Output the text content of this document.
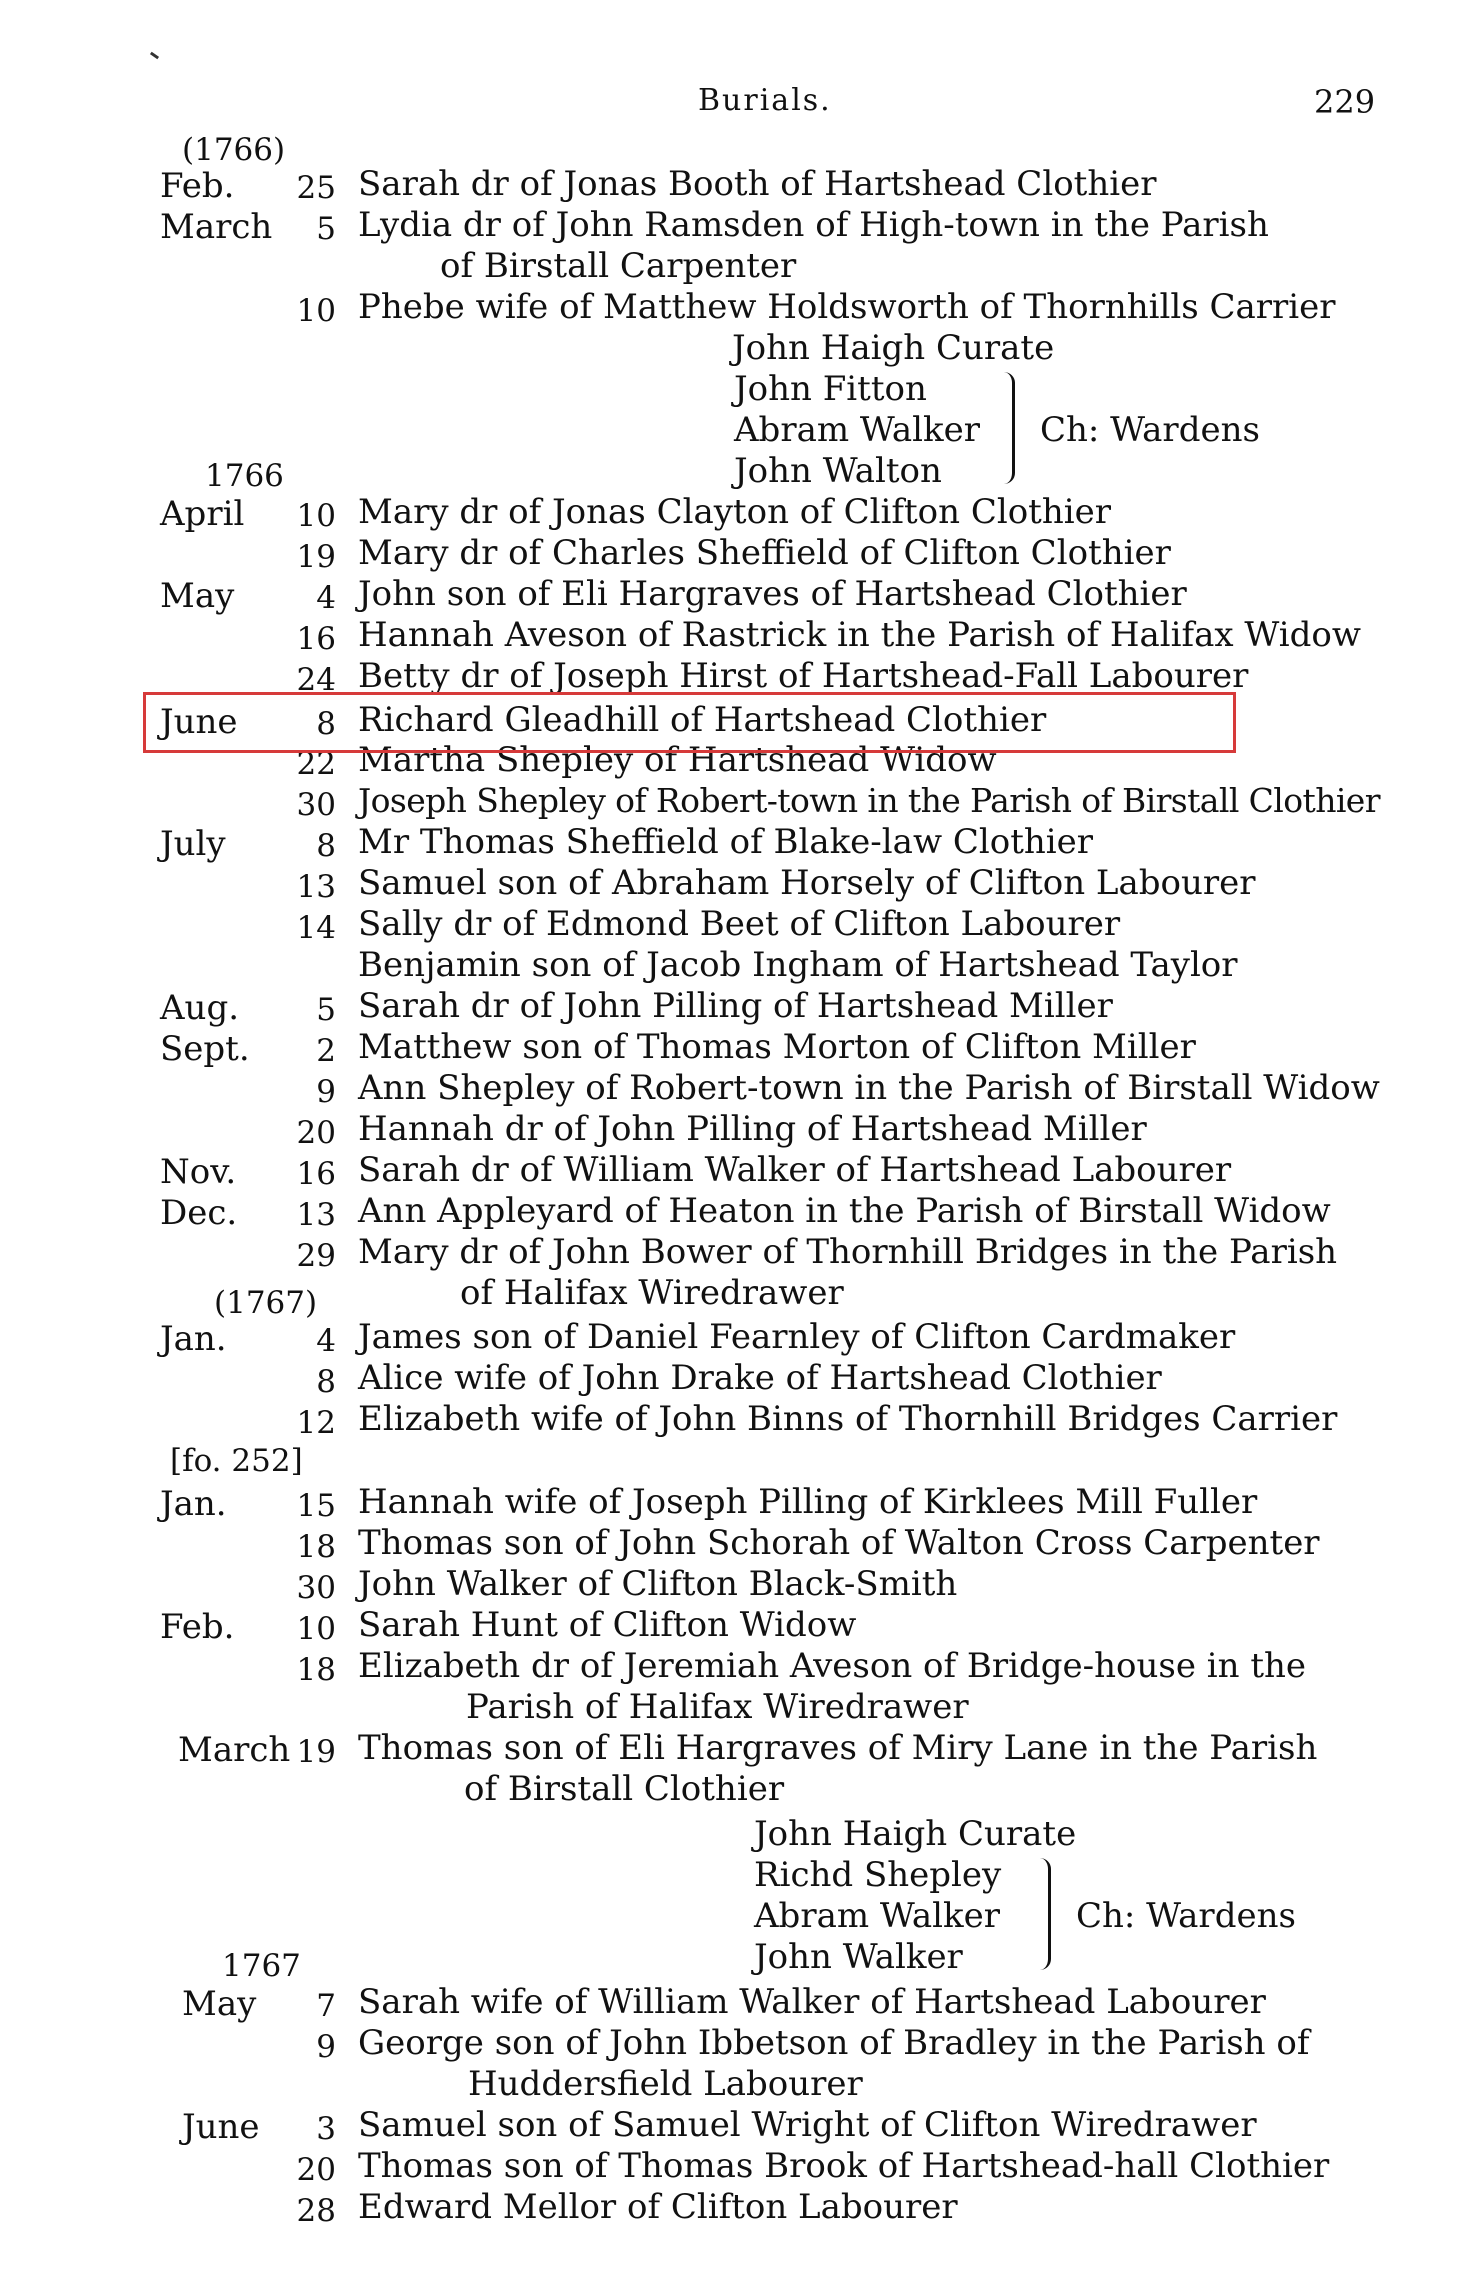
Burials.	229
(1766)
Feb.	25 Sarah dr of Jonas Booth of Hartshead Clothier
March	5 Lydia dr of John Ramsden of High-town in the Parish
of Birstall Carpenter
10 Phebe wife of Matthew Holdsworth of Thornhills Carrier
John Haigh Curate
John Fitton
Abram Walker
John Walton
Ch: Wardens
1766
April	10 Mary dr of Jonas Clayton of Clifton Clothier
19 Mary dr of Charles Sheffield of Clifton Clothier
May	4 John son of Eli Hargraves of Hartshead Clothier
16 Hannah Aveson of Rastrick in the Parish of Halifax Widow
24 Betty dr of Joseph Hirst of Hartshead-Fall Labourer
June	8 Richard Gleadhill of Hartshead Clothier
22 Martha Shepley of Hartshead Widow
30 Joseph Shepley of Robert-town in the Parish of Birstall Clothier
July	8 Mr Thomas Sheffield of Blake-law Clothier
13 Samuel son of Abraham Horsely of Clifton Labourer
14 Sally dr of Edmond Beet of Clifton Labourer
Benjamin son of Jacob Ingham of Hartshead Taylor
Aug.	5 Sarah dr of John Pilling of Hartshead Miller
Sept.	2 Matthew son of Thomas Morton of Clifton Miller
9 Ann Shepley of Robert-town in the Parish of Birstall Widow
20 Hannah dr of John Pilling of Hartshead Miller
Nov.	16 Sarah dr of William Walker of Hartshead Labourer
Dec.	13 Ann Appleyard of Heaton in the Parish of Birstall Widow
29 Mary dr of John Bower of Thornhill Bridges in the Parish
of Halifax Wiredrawer
(1767)
Jan.	4 James son of Daniel Fearnley of Clifton Cardmaker
8 Alice wife of John Drake of Hartshead Clothier
12 Elizabeth wife of John Binns of Thornhill Bridges Carrier
[fo. 252]
Jan.	15 Hannah wife of Joseph Pilling of Kirklees Mill Fuller
18 Thomas son of John Schorah of Walton Cross Carpenter
30 John Walker of Clifton Black-Smith
Feb.	10 Sarah Hunt of Clifton Widow
18 Elizabeth dr of Jeremiah Aveson of Bridge-house in the
Parish of Halifax Wiredrawer
March 19 Thomas son of Eli Hargraves of Miry Lane in the Parish
of Birstall Clothier
John Haigh Curate
Richd Shepley
Abram Walker
John Walker
Ch: Wardens
1767
May	7 Sarah wife of William Walker of Hartshead Labourer
9 George son of John Ibbetson of Bradley in the Parish of
Huddersfield Labourer
June	3 Samuel son of Samuel Wright of Clifton Wiredrawer
20 Thomas son of Thomas Brook of Hartshead-hall Clothier
28 Edward Mellor of Clifton Labourer
